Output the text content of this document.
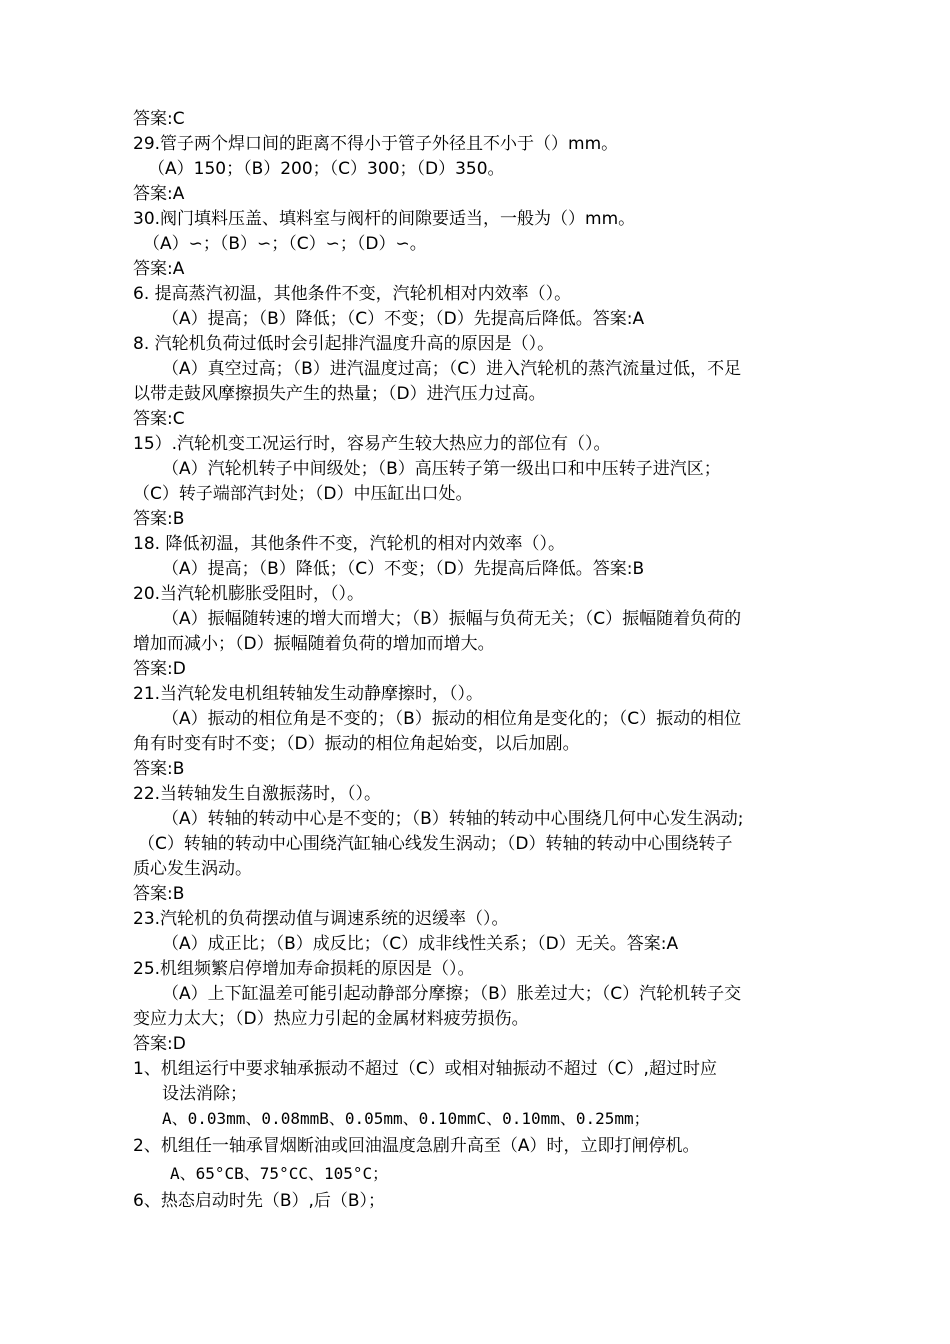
答案:C
29.管子两个焊口间的距离不得小于管子外径且不小于（）mm。
（A）150；（B）200；（C）300；（D）350。
答案:A
30.阀门填料压盖、填料室与阀杆的间隙要适当，一般为（）mm。
（A）∽；（B）∽；（C）∽；（D）∽。
答案:A
6. 提高蒸汽初温，其他条件不变，汽轮机相对内效率（）。
（A）提高；（B）降低；（C）不变；（D）先提高后降低。答案:A
8. 汽轮机负荷过低时会引起排汽温度升高的原因是（）。
（A）真空过高；（B）进汽温度过高；（C）进入汽轮机的蒸汽流量过低，不足
以带走鼓风摩擦损失产生的热量；（D）进汽压力过高。
答案:C
15）.汽轮机变工况运行时，容易产生较大热应力的部位有（）。
（A）汽轮机转子中间级处；（B）高压转子第一级出口和中压转子进汽区；
（C）转子端部汽封处；（D）中压缸出口处。
答案:B
18. 降低初温，其他条件不变，汽轮机的相对内效率（）。
（A）提高；（B）降低；（C）不变；（D）先提高后降低。答案:B
20.当汽轮机膨胀受阻时，（）。
（A）振幅随转速的增大而增大；（B）振幅与负荷无关；（C）振幅随着负荷的
增加而减小；（D）振幅随着负荷的增加而增大。
答案:D
21.当汽轮发电机组转轴发生动静摩擦时，（）。
（A）振动的相位角是不变的；（B）振动的相位角是变化的；（C）振动的相位
角有时变有时不变；（D）振动的相位角起始变，以后加剧。
答案:B
22.当转轴发生自激振荡时，（）。
（A）转轴的转动中心是不变的；（B）转轴的转动中心围绕几何中心发生涡动;
（C）转轴的转动中心围绕汽缸轴心线发生涡动；（D）转轴的转动中心围绕转子
质心发生涡动。
答案:B
23.汽轮机的负荷摆动值与调速系统的迟缓率（）。
（A）成正比；（B）成反比；（C）成非线性关系；（D）无关。答案:A
25.机组频繁启停增加寿命损耗的原因是（）。
（A）上下缸温差可能引起动静部分摩擦；（B）胀差过大；（C）汽轮机转子交
变应力太大；（D）热应力引起的金属材料疲劳损伤。
答案:D
1、机组运行中要求轴承振动不超过（C）或相对轴振动不超过（C）,超过时应
设法消除；
A、0.03mm、0.08mmB、0.05mm、0.10mmC、0.10mm、0.25mm；
2、机组任一轴承冒烟断油或回油温度急剧升高至（A）时，立即打闸停机。
A、65°CB、75°CC、105°C；
6、热态启动时先（B）,后（B）；
